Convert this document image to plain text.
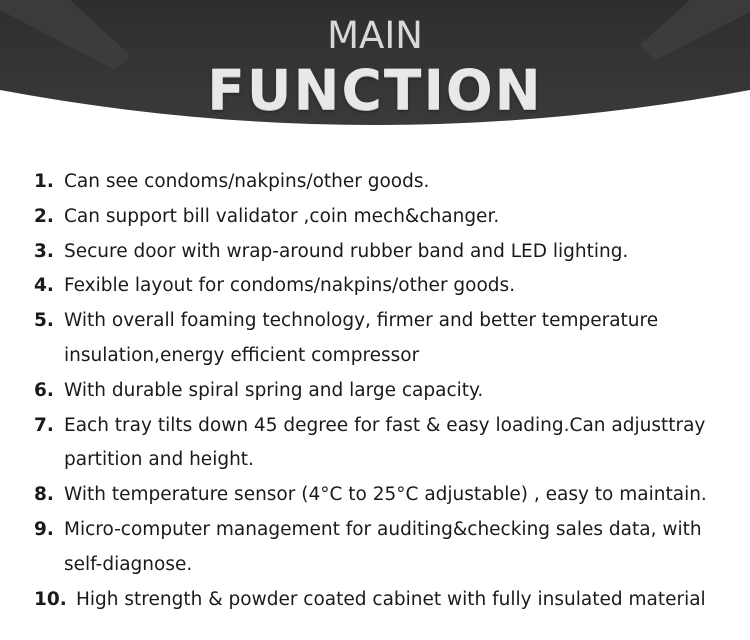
MAIN
FUNCTION
1. Can see condoms/nakpins/other goods.
2. Can support bill validator ,coin mech&changer.
3. Secure door with wrap-around rubber band and LED lighting.
4. Fexible layout for condoms/nakpins/other goods.
5. With overall foaming technology, firmer and better temperature insulation,energy efficient compressor
6. With durable spiral spring and large capacity.
7. Each tray tilts down 45 degree for fast & easy loading.Can adjusttray partition and height.
8. With temperature sensor (4°C to 25°C adjustable) , easy to maintain.
9. Micro-computer management for auditing&checking sales data, with self-diagnose.
10. High strength & powder coated cabinet with fully insulated material
